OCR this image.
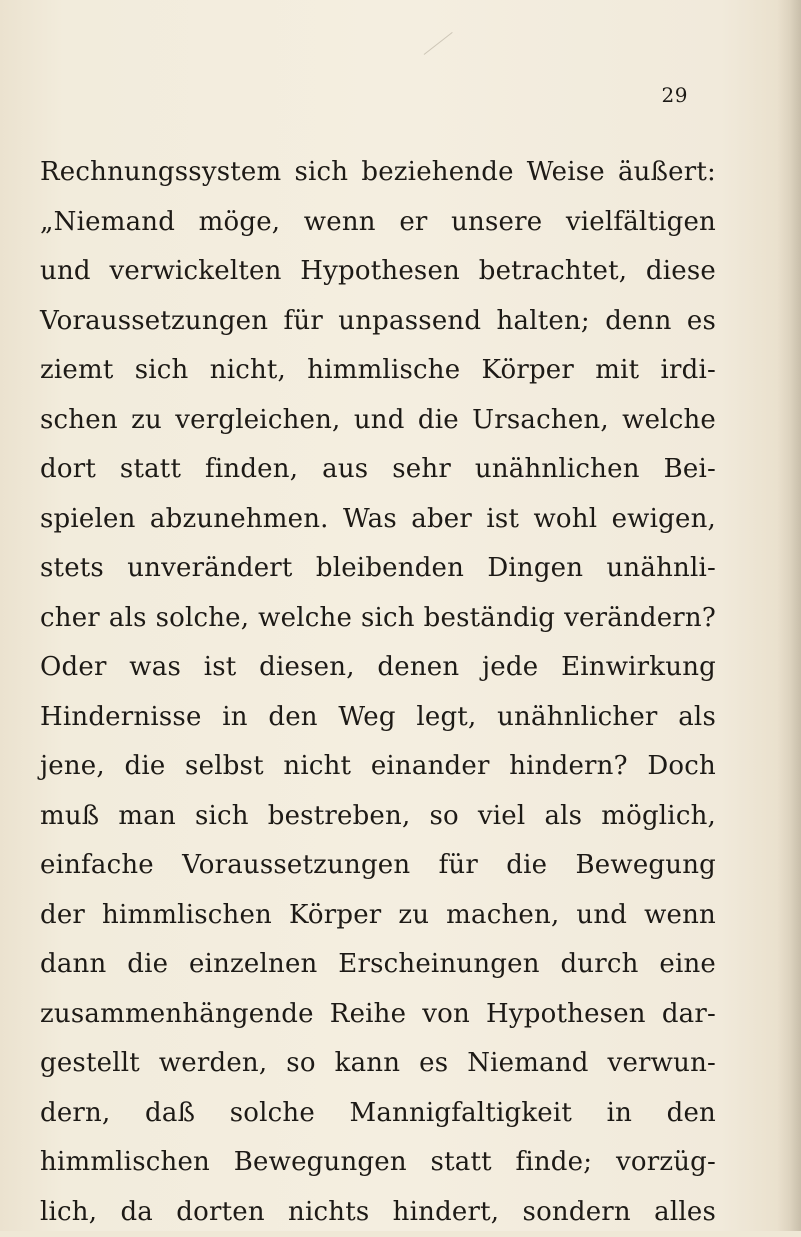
29
Rechnungssystem sich beziehende Weise äußert:
„Niemand möge, wenn er unsere vielfältigen
und verwickelten Hypothesen betrachtet, diese
Voraussetzungen für unpassend halten; denn es
ziemt sich nicht, himmlische Körper mit irdi-
schen zu vergleichen, und die Ursachen, welche
dort statt finden, aus sehr unähnlichen Bei-
spielen abzunehmen. Was aber ist wohl ewigen,
stets unverändert bleibenden Dingen unähnli-
cher als solche, welche sich beständig verändern?
Oder was ist diesen, denen jede Einwirkung
Hindernisse in den Weg legt, unähnlicher als
jene, die selbst nicht einander hindern? Doch
muß man sich bestreben, so viel als möglich,
einfache Voraussetzungen für die Bewegung
der himmlischen Körper zu machen, und wenn
dann die einzelnen Erscheinungen durch eine
zusammenhängende Reihe von Hypothesen dar-
gestellt werden, so kann es Niemand verwun-
dern, daß solche Mannigfaltigkeit in den
himmlischen Bewegungen statt finde; vorzüg-
lich, da dorten nichts hindert, sondern alles
